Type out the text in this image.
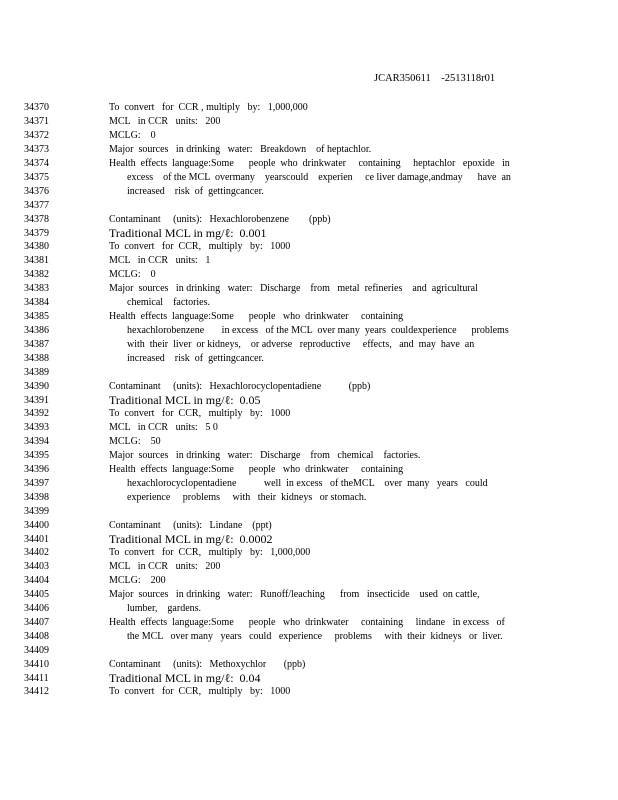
JCAR350611    -2513118r01
34370	To  convert   for  CCR , multiply   by:   1,000,000
34371	MCL   in CCR   units:   200
34372	MCLG:    0
34373	Major  sources   in drinking   water:   Breakdown    of heptachlor.
34374	Health  effects  language:Some      people  who  drinkwater     containing     heptachlor   epoxide   in
34375	excess    of the MCL  overmany    yearscould    experien     ce liver damage,andmay      have  an
34376	increased    risk  of  gettingcancer.
34377
34378	Contaminant     (units):   Hexachlorobenzene        (ppb)
34379	Traditional MCL in mg/ℓ:  0.001
34380	To  convert   for  CCR,   multiply   by:   1000
34381	MCL   in CCR   units:   1
34382	MCLG:    0
34383	Major  sources   in drinking   water:   Discharge    from   metal  refineries    and  agricultural
34384	chemical    factories.
34385	Health  effects  language:Some      people   who  drinkwater     containing
34386	hexachlorobenzene       in excess   of the MCL  over many  years  couldexperience      problems
34387	with  their  liver  or kidneys,    or adverse   reproductive     effects,   and  may  have  an
34388	increased    risk  of  gettingcancer.
34389
34390	Contaminant     (units):   Hexachlorocyclopentadiene           (ppb)
34391	Traditional MCL in mg/ℓ:  0.05
34392	To  convert   for  CCR,   multiply   by:   1000
34393	MCL   in CCR   units:   5 0
34394	MCLG:    50
34395	Major  sources   in drinking   water:   Discharge    from   chemical    factories.
34396	Health  effects  language:Some      people   who  drinkwater     containing
34397	hexachlorocyclopentadiene           well  in excess   of theMCL    over  many   years   could
34398	experience     problems     with   their  kidneys   or stomach.
34399
34400	Contaminant     (units):   Lindane    (ppt)
34401	Traditional MCL in mg/ℓ:  0.0002
34402	To  convert   for  CCR,   multiply   by:   1,000,000
34403	MCL   in CCR   units:   200
34404	MCLG:    200
34405	Major  sources   in drinking   water:   Runoff/leaching      from   insecticide    used  on cattle,
34406	lumber,    gardens.
34407	Health  effects  language:Some      people   who  drinkwater     containing     lindane   in excess   of
34408	the MCL   over many   years   could   experience     problems     with  their  kidneys   or  liver.
34409
34410	Contaminant     (units):   Methoxychlor       (ppb)
34411	Traditional MCL in mg/ℓ:  0.04
34412	To  convert   for  CCR,   multiply   by:   1000
